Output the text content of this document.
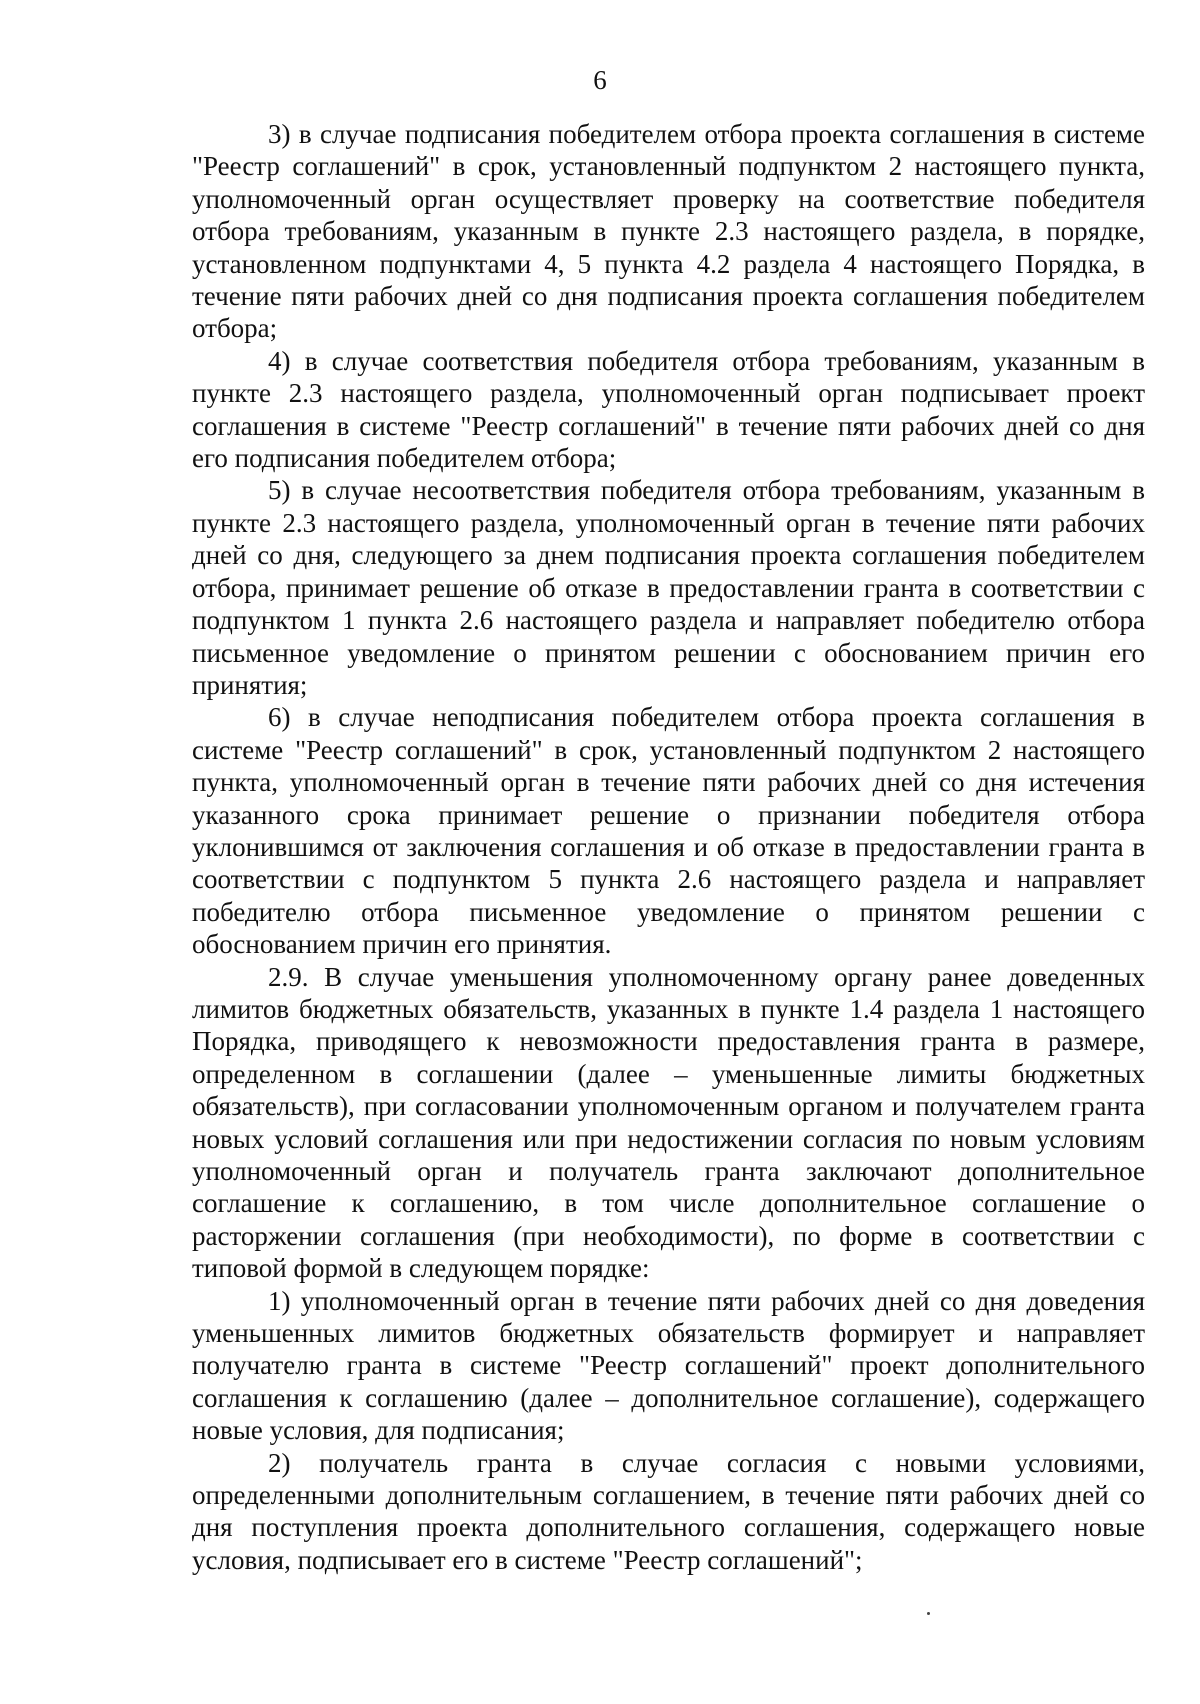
6

3) в случае подписания победителем отбора проекта соглашения в системе "Реестр соглашений" в срок, установленный подпунктом 2 настоящего пункта, уполномоченный орган осуществляет проверку на соответствие победителя отбора требованиям, указанным в пункте 2.3 настоящего раздела, в порядке, установленном подпунктами 4, 5 пункта 4.2 раздела 4 настоящего Порядка, в течение пяти рабочих дней со дня подписания проекта соглашения победителем отбора;

4) в случае соответствия победителя отбора требованиям, указанным в пункте 2.3 настоящего раздела, уполномоченный орган подписывает проект соглашения в системе "Реестр соглашений" в течение пяти рабочих дней со дня его подписания победителем отбора;

5) в случае несоответствия победителя отбора требованиям, указанным в пункте 2.3 настоящего раздела, уполномоченный орган в течение пяти рабочих дней со дня, следующего за днем подписания проекта соглашения победителем отбора, принимает решение об отказе в предоставлении гранта в соответствии с подпунктом 1 пункта 2.6 настоящего раздела и направляет победителю отбора письменное уведомление о принятом решении с обоснованием причин его принятия;

6) в случае неподписания победителем отбора проекта соглашения в системе "Реестр соглашений" в срок, установленный подпунктом 2 настоящего пункта, уполномоченный орган в течение пяти рабочих дней со дня истечения указанного срока принимает решение о признании победителя отбора уклонившимся от заключения соглашения и об отказе в предоставлении гранта в соответствии с подпунктом 5 пункта 2.6 настоящего раздела и направляет победителю отбора письменное уведомление о принятом решении с обоснованием причин его принятия.

2.9. В случае уменьшения уполномоченному органу ранее доведенных лимитов бюджетных обязательств, указанных в пункте 1.4 раздела 1 настоящего Порядка, приводящего к невозможности предоставления гранта в размере, определенном в соглашении (далее – уменьшенные лимиты бюджетных обязательств), при согласовании уполномоченным органом и получателем гранта новых условий соглашения или при недостижении согласия по новым условиям уполномоченный орган и получатель гранта заключают дополнительное соглашение к соглашению, в том числе дополнительное соглашение о расторжении соглашения (при необходимости), по форме в соответствии с типовой формой в следующем порядке:

1) уполномоченный орган в течение пяти рабочих дней со дня доведения уменьшенных лимитов бюджетных обязательств формирует и направляет получателю гранта в системе "Реестр соглашений" проект дополнительного соглашения к соглашению (далее – дополнительное соглашение), содержащего новые условия, для подписания;

2) получатель гранта в случае согласия с новыми условиями, определенными дополнительным соглашением, в течение пяти рабочих дней со дня поступления проекта дополнительного соглашения, содержащего новые условия, подписывает его в системе "Реестр соглашений";
